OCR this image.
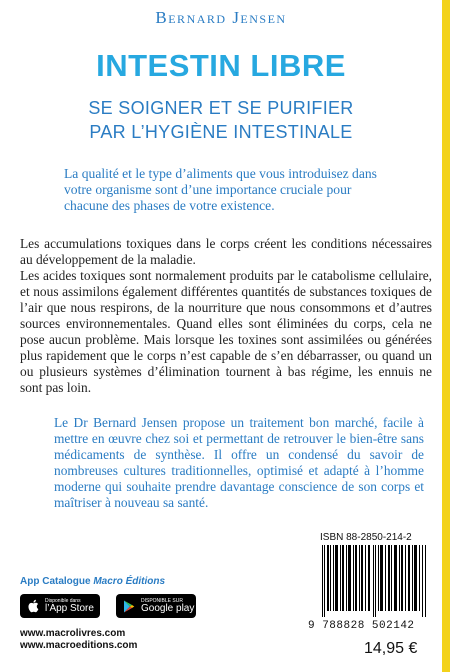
Bernard Jensen
INTESTIN LIBRE
SE SOIGNER ET SE PURIFIER
PAR L’HYGIÈNE INTESTINALE
La qualité et le type d’aliments que vous introduisez dans votre organisme sont d’une importance cruciale pour chacune des phases de votre existence.

Les accumulations toxiques dans le corps créent les conditions nécessaires au développement de la maladie.

Les acides toxiques sont normalement produits par le catabolisme cellulaire, et nous assimilons également différentes quantités de substances toxiques de l’air que nous respirons, de la nourriture que nous consommons et d’autres sources environnementales. Quand elles sont éliminées du corps, cela ne pose aucun problème. Mais lorsque les toxines sont assimilées ou générées plus rapidement que le corps n’est capable de s’en débarrasser, ou quand un ou plusieurs systèmes d’élimination tournent à bas régime, les ennuis ne sont pas loin.

Le Dr Bernard Jensen propose un traitement bon marché, facile à mettre en œuvre chez soi et permettant de retrouver le bien-être sans médicaments de synthèse. Il offre un condensé du savoir de nombreuses cultures traditionnelles, optimisé et adapté à l’homme moderne qui souhaite prendre davantage conscience de son corps et maîtriser à nouveau sa santé.
App Catalogue Macro Éditions
Disponible dans
l’App Store
DISPONIBLE SUR
Google play
www.macrolivres.com
www.macroeditions.com
ISBN 88-2850-214-2
9 788828 502142
14,95 €
